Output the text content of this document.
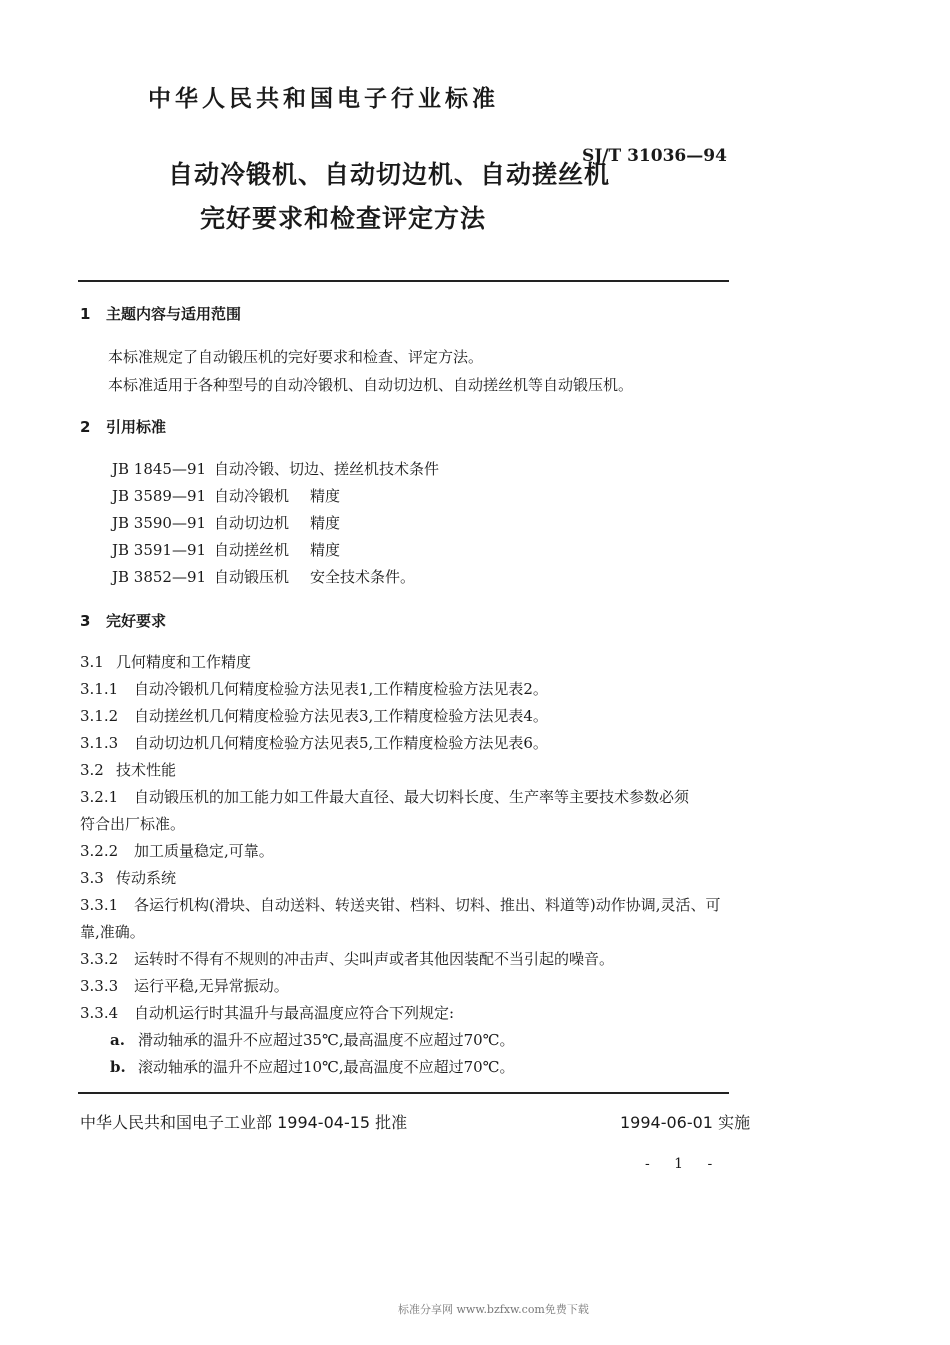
中华人民共和国电子行业标准
SJ/T 31036—94
自动冷锻机、自动切边机、自动搓丝机
完好要求和检查评定方法
1 主题内容与适用范围
本标准规定了自动锻压机的完好要求和检查、评定方法。
本标准适用于各种型号的自动冷锻机、自动切边机、自动搓丝机等自动锻压机。
2 引用标准
JB 1845—91 自动冷锻、切边、搓丝机技术条件
JB 3589—91 自动冷锻机 精度
JB 3590—91 自动切边机 精度
JB 3591—91 自动搓丝机 精度
JB 3852—91 自动锻压机 安全技术条件。
3 完好要求
3.1 几何精度和工作精度
3.1.1 自动冷锻机几何精度检验方法见表1,工作精度检验方法见表2。
3.1.2 自动搓丝机几何精度检验方法见表3,工作精度检验方法见表4。
3.1.3 自动切边机几何精度检验方法见表5,工作精度检验方法见表6。
3.2 技术性能
3.2.1 自动锻压机的加工能力如工件最大直径、最大切料长度、生产率等主要技术参数必须
符合出厂标准。
3.2.2 加工质量稳定,可靠。
3.3 传动系统
3.3.1 各运行机构(滑块、自动送料、转送夹钳、档料、切料、推出、料道等)动作协调,灵活、可
靠,准确。
3.3.2 运转时不得有不规则的冲击声、尖叫声或者其他因装配不当引起的噪音。
3.3.3 运行平稳,无异常振动。
3.3.4 自动机运行时其温升与最高温度应符合下列规定:
a. 滑动轴承的温升不应超过35℃,最高温度不应超过70℃。
b. 滚动轴承的温升不应超过10℃,最高温度不应超过70℃。
中华人民共和国电子工业部 1994-04-15 批准	1994-06-01 实施
- 1 -
标准分享网 www.bzfxw.com免费下载
